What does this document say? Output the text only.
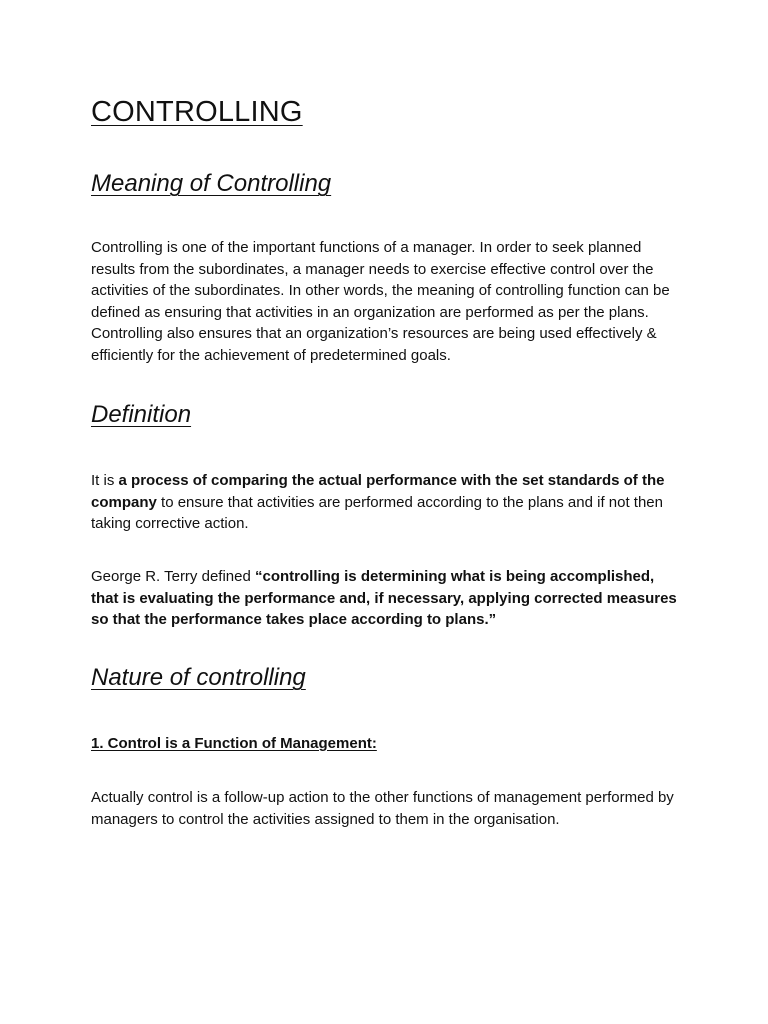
CONTROLLING
Meaning of Controlling

Controlling is one of the important functions of a manager. In order to seek planned results from the subordinates, a manager needs to exercise effective control over the activities of the subordinates. In other words, the meaning of controlling function can be defined as ensuring that activities in an organization are performed as per the plans. Controlling also ensures that an organization’s resources are being used effectively & efficiently for the achievement of predetermined goals.

Definition

It is a process of comparing the actual performance with the set standards of the company to ensure that activities are performed according to the plans and if not then taking corrective action.

George R. Terry defined “controlling is determining what is being accomplished, that is evaluating the performance and, if necessary, applying corrected measures so that the performance takes place according to plans.”

Nature of controlling
1. Control is a Function of Management:

Actually control is a follow-up action to the other functions of management performed by managers to control the activities assigned to them in the organisation.
